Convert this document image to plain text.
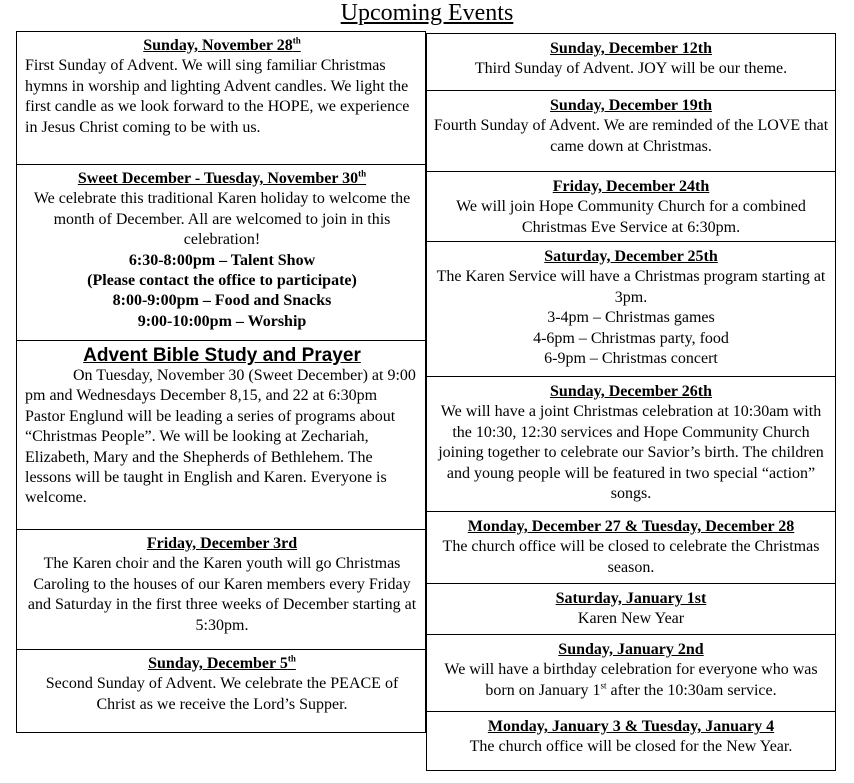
Upcoming Events
Sunday, November 28th
First Sunday of Advent. We will sing familiar Christmas hymns in worship and lighting Advent candles. We light the first candle as we look forward to the HOPE, we experience in Jesus Christ coming to be with us.
Sweet December - Tuesday, November 30th
We celebrate this traditional Karen holiday to welcome the month of December. All are welcomed to join in this celebration!
6:30-8:00pm – Talent Show
(Please contact the office to participate)
8:00-9:00pm – Food and Snacks
9:00-10:00pm – Worship
Advent Bible Study and Prayer
On Tuesday, November 30 (Sweet December) at 9:00 pm and Wednesdays December 8,15, and 22 at 6:30pm Pastor Englund will be leading a series of programs about “Christmas People”. We will be looking at Zechariah, Elizabeth, Mary and the Shepherds of Bethlehem. The lessons will be taught in English and Karen. Everyone is welcome.
Friday, December 3rd
The Karen choir and the Karen youth will go Christmas Caroling to the houses of our Karen members every Friday and Saturday in the first three weeks of December starting at 5:30pm.
Sunday, December 5th
Second Sunday of Advent. We celebrate the PEACE of Christ as we receive the Lord’s Supper.
Sunday, December 12th
Third Sunday of Advent. JOY will be our theme.
Sunday, December 19th
Fourth Sunday of Advent. We are reminded of the LOVE that came down at Christmas.
Friday, December 24th
We will join Hope Community Church for a combined Christmas Eve Service at 6:30pm.
Saturday, December 25th
The Karen Service will have a Christmas program starting at 3pm.
3-4pm – Christmas games
4-6pm – Christmas party, food
6-9pm – Christmas concert
Sunday, December 26th
We will have a joint Christmas celebration at 10:30am with the 10:30, 12:30 services and Hope Community Church joining together to celebrate our Savior’s birth. The children and young people will be featured in two special “action” songs.
Monday, December 27 & Tuesday, December 28
The church office will be closed to celebrate the Christmas season.
Saturday, January 1st
Karen New Year
Sunday, January 2nd
We will have a birthday celebration for everyone who was born on January 1st after the 10:30am service.
Monday, January 3 & Tuesday, January 4
The church office will be closed for the New Year.
